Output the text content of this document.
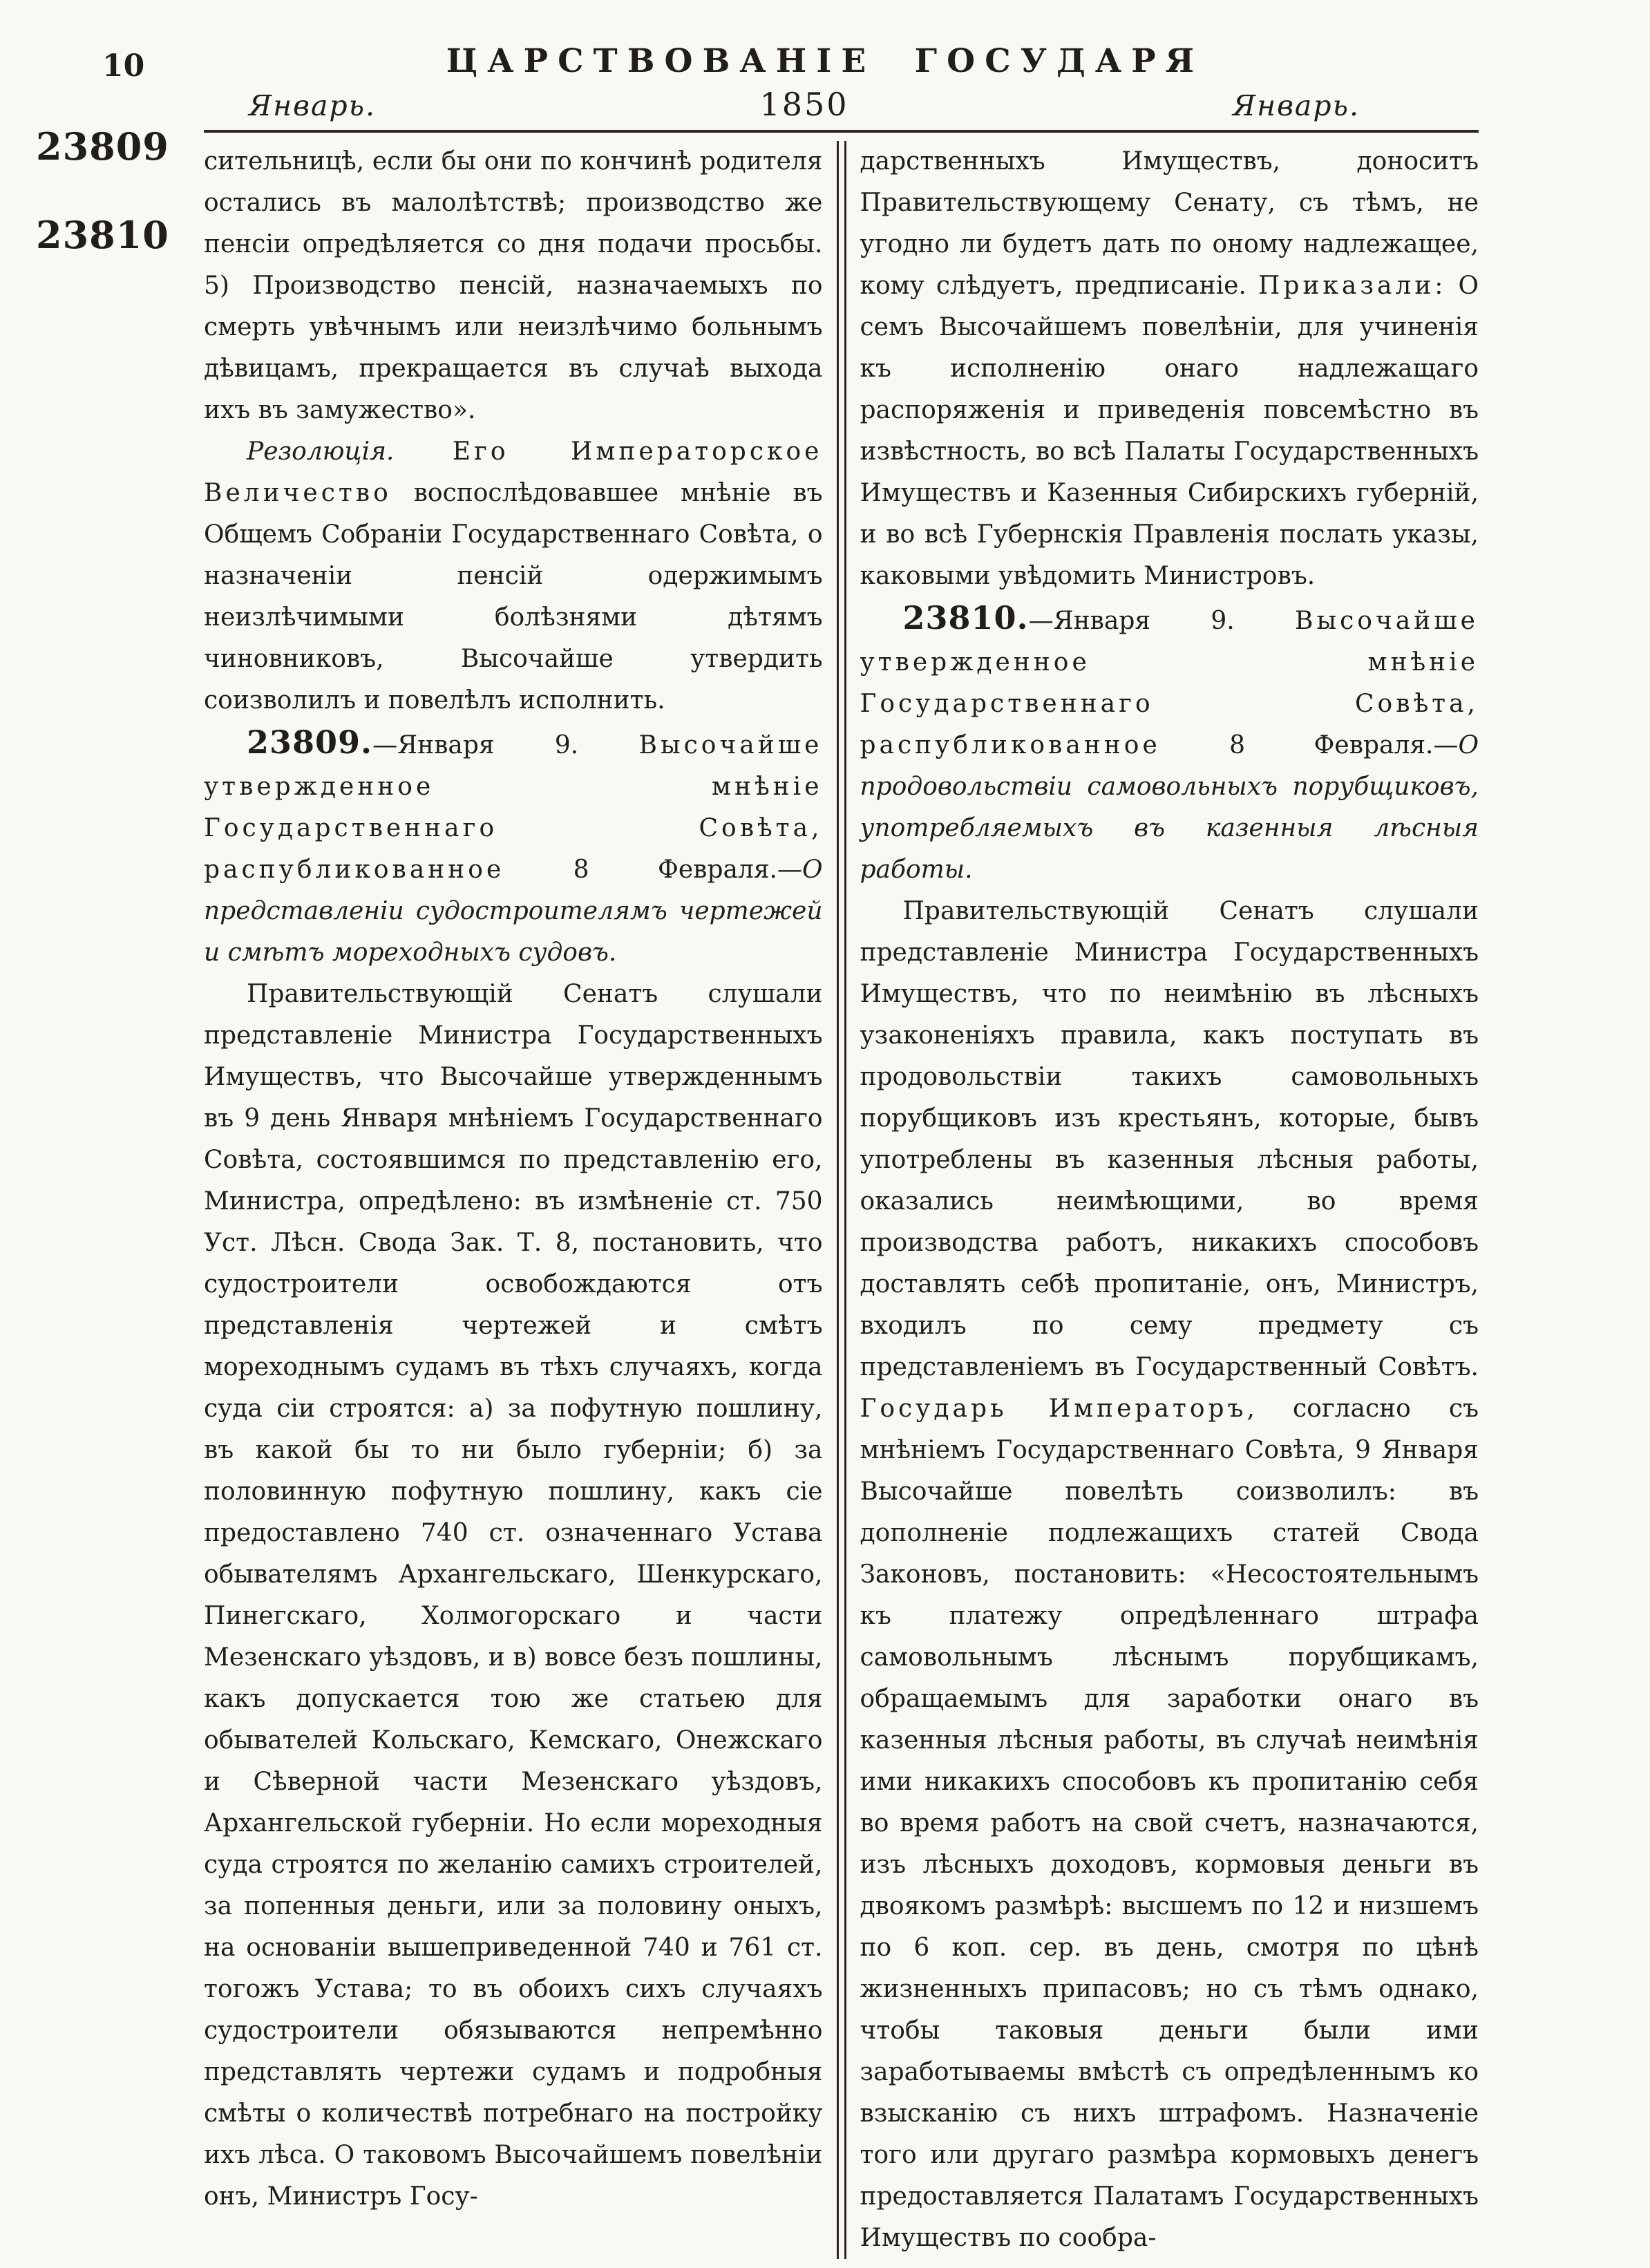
23809
23810
10	ЦАРСТВОВАНІЕ ГОСУДАРЯ
Январь.	1850	Январь.

сительницѣ, если бы они по кончинѣ родителя остались въ малолѣтствѣ; производство же пенсіи опредѣляется со дня подачи просьбы. 5) Производство пенсій, назначаемыхъ по смерть увѣчнымъ или неизлѣчимо больнымъ дѣвицамъ, прекращается въ случаѣ выхода ихъ въ замужество».

Резолюція. Его Императорское Величество воспослѣдовавшее мнѣніе въ Общемъ Собраніи Государственнаго Совѣта, о назначеніи пенсій одержимымъ неизлѣчимыми болѣзнями дѣтямъ чиновниковъ, Высочайше утвердить соизволилъ и повелѣлъ исполнить.

23809.—Января 9. Высочайше утвержденное мнѣніе Государственнаго Совѣта, распубликованное 8 Февраля.—О представленіи судостроителямъ чертежей и смѣтъ мореходныхъ судовъ.

Правительствующій Сенатъ слушали представленіе Министра Государственныхъ Имуществъ, что Высочайше утвержденнымъ въ 9 день Января мнѣніемъ Государственнаго Совѣта, состоявшимся по представленію его, Министра, опредѣлено: въ измѣненіе ст. 750 Уст. Лѣсн. Свода Зак. Т. 8, постановить, что судостроители освобождаются отъ представленія чертежей и смѣтъ мореходнымъ судамъ въ тѣхъ случаяхъ, когда суда сіи строятся: а) за пофутную пошлину, въ какой бы то ни было губерніи; б) за половинную пофутную пошлину, какъ сіе предоставлено 740 ст. означеннаго Устава обывателямъ Архангельскаго, Шенкурскаго, Пинегскаго, Холмогорскаго и части Мезенскаго уѣздовъ, и в) вовсе безъ пошлины, какъ допускается тою же статьею для обывателей Кольскаго, Кемскаго, Онежскаго и Сѣверной части Мезенскаго уѣздовъ, Архангельской губерніи. Но если мореходныя суда строятся по желанію самихъ строителей, за попенныя деньги, или за половину оныхъ, на основаніи вышеприведенной 740 и 761 ст. тогожъ Устава; то въ обоихъ сихъ случаяхъ судостроители обязываются непремѣнно представлять чертежи судамъ и подробныя смѣты о количествѣ потребнаго на постройку ихъ лѣса. О таковомъ Высочайшемъ повелѣніи онъ, Министръ Госу-

дарственныхъ Имуществъ, доноситъ Правительствующему Сенату, съ тѣмъ, не угодно ли будетъ дать по оному надлежащее, кому слѣдуетъ, предписаніе. Приказали: О семъ Высочайшемъ повелѣніи, для учиненія къ исполненію онаго надлежащаго распоряженія и приведенія повсемѣстно въ извѣстность, во всѣ Палаты Государственныхъ Имуществъ и Казенныя Сибирскихъ губерній, и во всѣ Губернскія Правленія послать указы, каковыми увѣдомить Министровъ.

23810.—Января 9. Высочайше утвержденное мнѣніе Государственнаго Совѣта, распубликованное 8 Февраля.—О продовольствіи самовольныхъ порубщиковъ, употребляемыхъ въ казенныя лѣсныя работы.

Правительствующій Сенатъ слушали представленіе Министра Государственныхъ Имуществъ, что по неимѣнію въ лѣсныхъ узаконеніяхъ правила, какъ поступать въ продовольствіи такихъ самовольныхъ порубщиковъ изъ крестьянъ, которые, бывъ употреблены въ казенныя лѣсныя работы, оказались неимѣющими, во время производства работъ, никакихъ способовъ доставлять себѣ пропитаніе, онъ, Министръ, входилъ по сему предмету съ представленіемъ въ Государственный Совѣтъ. Государь Императоръ, согласно съ мнѣніемъ Государственнаго Совѣта, 9 Января Высочайше повелѣть соизволилъ: въ дополненіе подлежащихъ статей Свода Законовъ, постановить: «Несостоятельнымъ къ платежу опредѣленнаго штрафа самовольнымъ лѣснымъ порубщикамъ, обращаемымъ для заработки онаго въ казенныя лѣсныя работы, въ случаѣ неимѣнія ими никакихъ способовъ къ пропитанію себя во время работъ на свой счетъ, назначаются, изъ лѣсныхъ доходовъ, кормовыя деньги въ двоякомъ размѣрѣ: высшемъ по 12 и низшемъ по 6 коп. сер. въ день, смотря по цѣнѣ жизненныхъ припасовъ; но съ тѣмъ однако, чтобы таковыя деньги были ими заработываемы вмѣстѣ съ опредѣленнымъ ко взысканію съ нихъ штрафомъ. Назначеніе того или другаго размѣра кормовыхъ денегъ предоставляется Палатамъ Государственныхъ Имуществъ по сообра-
